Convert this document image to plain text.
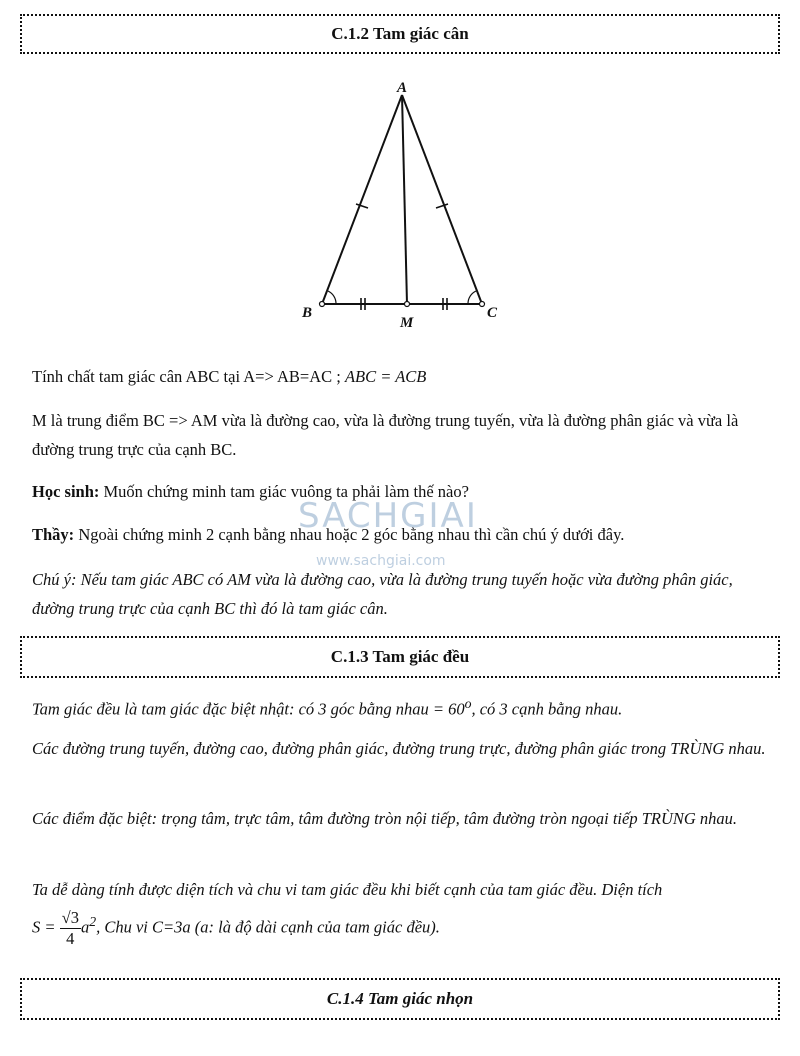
C.1.2 Tam giác cân
A
B	C
M
Tính chất tam giác cân ABC tại A=> AB=AC ; ABC = ACB
M là trung điểm BC => AM vừa là đường cao, vừa là đường trung tuyến, vừa là đường phân giác và vừa là đường trung trực của cạnh BC.
Học sinh: Muốn chứng minh tam giác vuông ta phải làm thế nào?
Thầy: Ngoài chứng minh 2 cạnh bằng nhau hoặc 2 góc bằng nhau thì cần chú ý dưới đây.
Chú ý: Nếu tam giác ABC có AM vừa là đường cao, vừa là đường trung tuyến hoặc vừa đường phân giác, đường trung trực của cạnh BC thì đó là tam giác cân.
SACHGIAI
www.sachgiai.com
C.1.3 Tam giác đều
Tam giác đều là tam giác đặc biệt nhật: có 3 góc bằng nhau = $60^o$, có 3 cạnh bằng nhau.
Các đường trung tuyến, đường cao, đường phân giác, đường trung trực, đường phân giác trong TRÙNG nhau.
Các điểm đặc biệt: trọng tâm, trực tâm, tâm đường tròn nội tiếp, tâm đường tròn ngoại tiếp TRÙNG nhau.
Ta dễ dàng tính được diện tích và chu vi tam giác đều khi biết cạnh của tam giác đều. Diện tích
$S = \frac{√3}{4} a^2$, Chu vi C=3a (a: là độ dài cạnh của tam giác đều).
C.1.4 Tam giác nhọn
